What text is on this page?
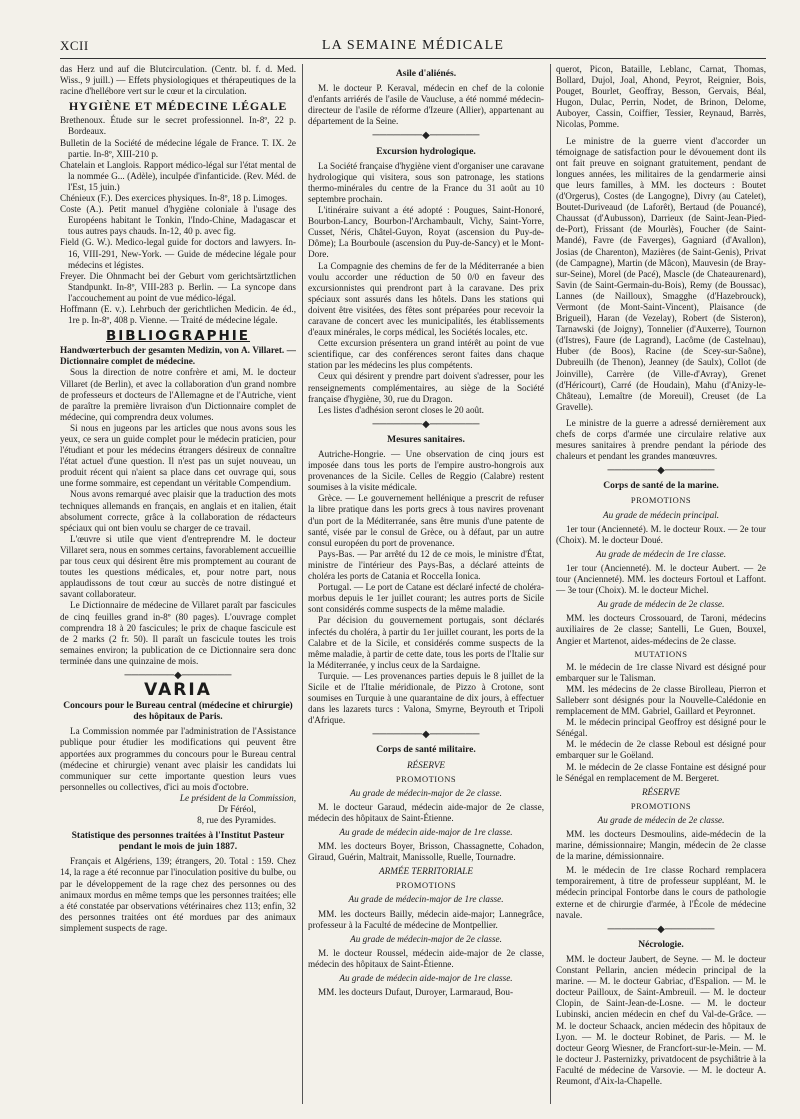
XCII	LA SEMAINE MÉDICALE

das Herz und auf die Blutcirculation. (Centr. bl. f. d. Med. Wiss., 9 juill.) — Effets physiologiques et thérapeutiques de la racine d'hellébore vert sur le cœur et la circulation.

HYGIÈNE ET MÉDECINE LÉGALE

Brethenoux. Étude sur le secret professionnel. In-8º, 22 p. Bordeaux.

Bulletin de la Société de médecine légale de France. T. IX. 2e partie. In-8º, XIII-210 p.

Chatelain et Langlois. Rapport médico-légal sur l'état mental de la nommée G... (Adèle), inculpée d'infanticide. (Rev. Méd. de l'Est, 15 juin.)

Chénieux (F.). Des exercices physiques. In-8º, 18 p. Limoges.

Coste (A.). Petit manuel d'hygiène coloniale à l'usage des Européens habitant le Tonkin, l'Indo-Chine, Madagascar et tous autres pays chauds. In-12, 40 p. avec fig.

Field (G. W.). Medico-legal guide for doctors and lawyers. In-16, VIII-291, New-York. — Guide de médecine légale pour médecins et légistes.

Freyer. Die Ohnmacht bei der Geburt vom gerichtsärtztlichen Standpunkt. In-8º, VIII-283 p. Berlin. — La syncope dans l'accouchement au point de vue médico-légal.

Hoffmann (E. v.). Lehrbuch der gerichtlichen Medicin. 4e éd., 1re p. In-8º, 408 p. Vienne. — Traité de médecine légale.

BIBLIOGRAPHIE

Handwœrterbuch der gesamten Medizin, von A. Villaret. — Dictionnaire complet de médecine.

Sous la direction de notre confrère et ami, M. le docteur Villaret (de Berlin), et avec la collaboration d'un grand nombre de professeurs et docteurs de l'Allemagne et de l'Autriche, vient de paraître la première livraison d'un Dictionnaire complet de médecine, qui comprendra deux volumes.

Si nous en jugeons par les articles que nous avons sous les yeux, ce sera un guide complet pour le médecin praticien, pour l'étudiant et pour les médecins étrangers désireux de connaître l'état actuel d'une question. Il n'est pas un sujet nouveau, un produit récent qui n'aient sa place dans cet ouvrage qui, sous une forme sommaire, est cependant un véritable Compendium.

Nous avons remarqué avec plaisir que la traduction des mots techniques allemands en français, en anglais et en italien, était absolument correcte, grâce à la collaboration de rédacteurs spéciaux qui ont bien voulu se charger de ce travail.

L'œuvre si utile que vient d'entreprendre M. le docteur Villaret sera, nous en sommes certains, favorablement accueillie par tous ceux qui désirent être mis promptement au courant de toutes les questions médicales, et, pour notre part, nous applaudissons de tout cœur au succès de notre distingué et savant collaborateur.

Le Dictionnaire de médecine de Villaret paraît par fascicules de cinq feuilles grand in-8º (80 pages). L'ouvrage complet comprendra 18 à 20 fascicules; le prix de chaque fascicule est de 2 marks (2 fr. 50). Il paraît un fascicule toutes les trois semaines environ; la publication de ce Dictionnaire sera donc terminée dans une quinzaine de mois.

───────◆───────
VARIA

Concours pour le Bureau central (médecine et chirurgie) des hôpitaux de Paris.

La Commission nommée par l'administration de l'Assistance publique pour étudier les modifications qui peuvent être apportées aux programmes du concours pour le Bureau central (médecine et chirurgie) venant avec plaisir les candidats lui communiquer sur cette importante question leurs vues personnelles ou collectives, d'ici au mois d'octobre.

Le président de la Commission,

Dr Féréol,

8, rue des Pyramides.

Statistique des personnes traitées à l'Institut Pasteur pendant le mois de juin 1887.

Français et Algériens, 139; étrangers, 20. Total : 159. Chez 14, la rage a été reconnue par l'inoculation positive du bulbe, ou par le développement de la rage chez des personnes ou des animaux mordus en même temps que les personnes traitées; elle a été constatée par observations vétérinaires chez 113; enfin, 32 des personnes traitées ont été mordues par des animaux simplement suspects de rage.

Asile d'aliénés.

M. le docteur P. Keraval, médecin en chef de la colonie d'enfants arriérés de l'asile de Vaucluse, a été nommé médecin-directeur de l'asile de réforme d'Izeure (Allier), appartenant au département de la Seine.

───────◆───────
Excursion hydrologique.

La Société française d'hygiène vient d'organiser une caravane hydrologique qui visitera, sous son patronage, les stations thermo-minérales du centre de la France du 31 août au 10 septembre prochain.

L'itinéraire suivant a été adopté : Pougues, Saint-Honoré, Bourbon-Lancy, Bourbon-l'Archambault, Vichy, Saint-Yorre, Cusset, Néris, Châtel-Guyon, Royat (ascension du Puy-de-Dôme); La Bourboule (ascension du Puy-de-Sancy) et le Mont-Dore.

La Compagnie des chemins de fer de la Méditerranée a bien voulu accorder une réduction de 50 0/0 en faveur des excursionnistes qui prendront part à la caravane. Des prix spéciaux sont assurés dans les hôtels. Dans les stations qui doivent être visitées, des fêtes sont préparées pour recevoir la caravane de concert avec les municipalités, les établissements d'eaux minérales, le corps médical, les Sociétés locales, etc.

Cette excursion présentera un grand intérêt au point de vue scientifique, car des conférences seront faites dans chaque station par les médecins les plus compétents.

Ceux qui désirent y prendre part doivent s'adresser, pour les renseignements complémentaires, au siège de la Société française d'hygiène, 30, rue du Dragon.

Les listes d'adhésion seront closes le 20 août.

───────◆───────
Mesures sanitaires.

Autriche-Hongrie. — Une observation de cinq jours est imposée dans tous les ports de l'empire austro-hongrois aux provenances de la Sicile. Celles de Reggio (Calabre) restent soumises à la visite médicale.

Grèce. — Le gouvernement hellénique a prescrit de refuser la libre pratique dans les ports grecs à tous navires provenant d'un port de la Méditerranée, sans être munis d'une patente de santé, visée par le consul de Grèce, ou à défaut, par un autre consul européen du port de provenance.

Pays-Bas. — Par arrêté du 12 de ce mois, le ministre d'État, ministre de l'intérieur des Pays-Bas, a déclaré atteints de choléra les ports de Catania et Roccella Ionica.

Portugal. — Le port de Catane est déclaré infecté de choléra-morbus depuis le 1er juillet courant; les autres ports de Sicile sont considérés comme suspects de la même maladie.

Par décision du gouvernement portugais, sont déclarés infectés du choléra, à partir du 1er juillet courant, les ports de la Calabre et de la Sicile, et considérés comme suspects de la même maladie, à partir de cette date, tous les ports de l'Italie sur la Méditerranée, y inclus ceux de la Sardaigne.

Turquie. — Les provenances parties depuis le 8 juillet de la Sicile et de l'Italie méridionale, de Pizzo à Crotone, sont soumises en Turquie à une quarantaine de dix jours, à effectuer dans les lazarets turcs : Valona, Smyrne, Beyrouth et Tripoli d'Afrique.

───────◆───────
Corps de santé militaire.
RÉSERVE
PROMOTIONS
Au grade de médecin-major de 2e classe.

M. le docteur Garaud, médecin aide-major de 2e classe, médecin des hôpitaux de Saint-Étienne.

Au grade de médecin aide-major de 1re classe.

MM. les docteurs Boyer, Brisson, Chassagnette, Cohadon, Giraud, Guérin, Maltrait, Manissolle, Ruelle, Tournadre.

ARMÉE TERRITORIALE
PROMOTIONS
Au grade de médecin-major de 1re classe.

MM. les docteurs Bailly, médecin aide-major; Lannegrâce, professeur à la Faculté de médecine de Montpellier.

Au grade de médecin-major de 2e classe.

M. le docteur Roussel, médecin aide-major de 2e classe, médecin des hôpitaux de Saint-Étienne.

Au grade de médecin aide-major de 1re classe.

MM. les docteurs Dufaut, Duroyer, Larmaraud, Bou-

querot, Picon, Bataille, Leblanc, Carnat, Thomas, Bollard, Dujol, Joal, Ahond, Peyrot, Reignier, Bois, Pouget, Bourlet, Geoffray, Besson, Gervais, Béal, Hugon, Dulac, Perrin, Nodet, de Brinon, Delome, Auboyer, Cassin, Coiffier, Tessier, Reynaud, Barrès, Nicolas, Pomme.

Le ministre de la guerre vient d'accorder un témoignage de satisfaction pour le dévouement dont ils ont fait preuve en soignant gratuitement, pendant de longues années, les militaires de la gendarmerie ainsi que leurs familles, à MM. les docteurs : Boutet (d'Orgerus), Costes (de Langogne), Divry (au Catelet), Boutet-Duriveaud (de Laforêt), Bertaud (de Pouancé), Chaussat (d'Aubusson), Darrieux (de Saint-Jean-Pied-de-Port), Frissant (de Mourlès), Foucher (de Saint-Mandé), Favre (de Faverges), Gagniard (d'Avallon), Josias (de Charenton), Mazières (de Saint-Genis), Privat (de Campagne), Martin (de Mâcon), Mauvesin (de Bray-sur-Seine), Morel (de Pacé), Mascle (de Chateaurenard), Savin (de Saint-Germain-du-Bois), Remy (de Boussac), Lannes (de Nailloux), Smagghe (d'Hazebrouck), Vermont (de Mont-Saint-Vincent), Plaisance (de Brigueil), Haran (de Vezelay), Robert (de Sisteron), Tarnawski (de Joigny), Tonnelier (d'Auxerre), Tournon (d'Istres), Faure (de Lagrand), Lacôme (de Castelnau), Huber (de Boos), Racine (de Scey-sur-Saône), Dubreuilh (de Thenon), Jeanney (de Saulx), Collot (de Joinville), Carrère (de Ville-d'Avray), Grenet (d'Héricourt), Carré (de Houdain), Mahu (d'Anizy-le-Château), Lemaître (de Moreuil), Creuset (de La Gravelle).

Le ministre de la guerre a adressé dernièrement aux chefs de corps d'armée une circulaire relative aux mesures sanitaires à prendre pendant la période des chaleurs et pendant les grandes manœuvres.

───────◆───────
Corps de santé de la marine.
PROMOTIONS
Au grade de médecin principal.

1er tour (Ancienneté). M. le docteur Roux. — 2e tour (Choix). M. le docteur Doué.

Au grade de médecin de 1re classe.

1er tour (Ancienneté). M. le docteur Aubert. — 2e tour (Ancienneté). MM. les docteurs Fortoul et Laffont. — 3e tour (Choix). M. le docteur Michel.

Au grade de médecin de 2e classe.

MM. les docteurs Crossouard, de Taroni, médecins auxiliaires de 2e classe; Santelli, Le Guen, Bouxel, Angier et Martenot, aides-médecins de 2e classe.

MUTATIONS

M. le médecin de 1re classe Nivard est désigné pour embarquer sur le Talisman.

MM. les médecins de 2e classe Birolleau, Pierron et Salleberr sont désignés pour la Nouvelle-Calédonie en remplacement de MM. Gabriel, Gaillard et Peyronnet.

M. le médecin principal Geoffroy est désigné pour le Sénégal.

M. le médecin de 2e classe Reboul est désigné pour embarquer sur le Goëland.

M. le médecin de 2e classe Fontaine est désigné pour le Sénégal en remplacement de M. Bergeret.

RÉSERVE
PROMOTIONS
Au grade de médecin de 2e classe.

MM. les docteurs Desmoulins, aide-médecin de la marine, démissionnaire; Mangin, médecin de 2e classe de la marine, démissionnaire.

M. le médecin de 1re classe Rochard remplacera temporairement, à titre de professeur suppléant, M. le médecin principal Fontorbe dans le cours de pathologie externe et de chirurgie d'armée, à l'École de médecine navale.

───────◆───────
Nécrologie.

MM. le docteur Jaubert, de Seyne. — M. le docteur Constant Pellarin, ancien médecin principal de la marine. — M. le docteur Gabriac, d'Espalion. — M. le docteur Pailloux, de Saint-Ambreuil. — M. le docteur Clopin, de Saint-Jean-de-Losne. — M. le docteur Lubinski, ancien médecin en chef du Val-de-Grâce. — M. le docteur Schaack, ancien médecin des hôpitaux de Lyon. — M. le docteur Robinet, de Paris. — M. le docteur Georg Wiesner, de Francfort-sur-le-Mein. — M. le docteur J. Pasternizky, privatdocent de psychiâtrie à la Faculté de médecine de Varsovie. — M. le docteur A. Reumont, d'Aix-la-Chapelle.
